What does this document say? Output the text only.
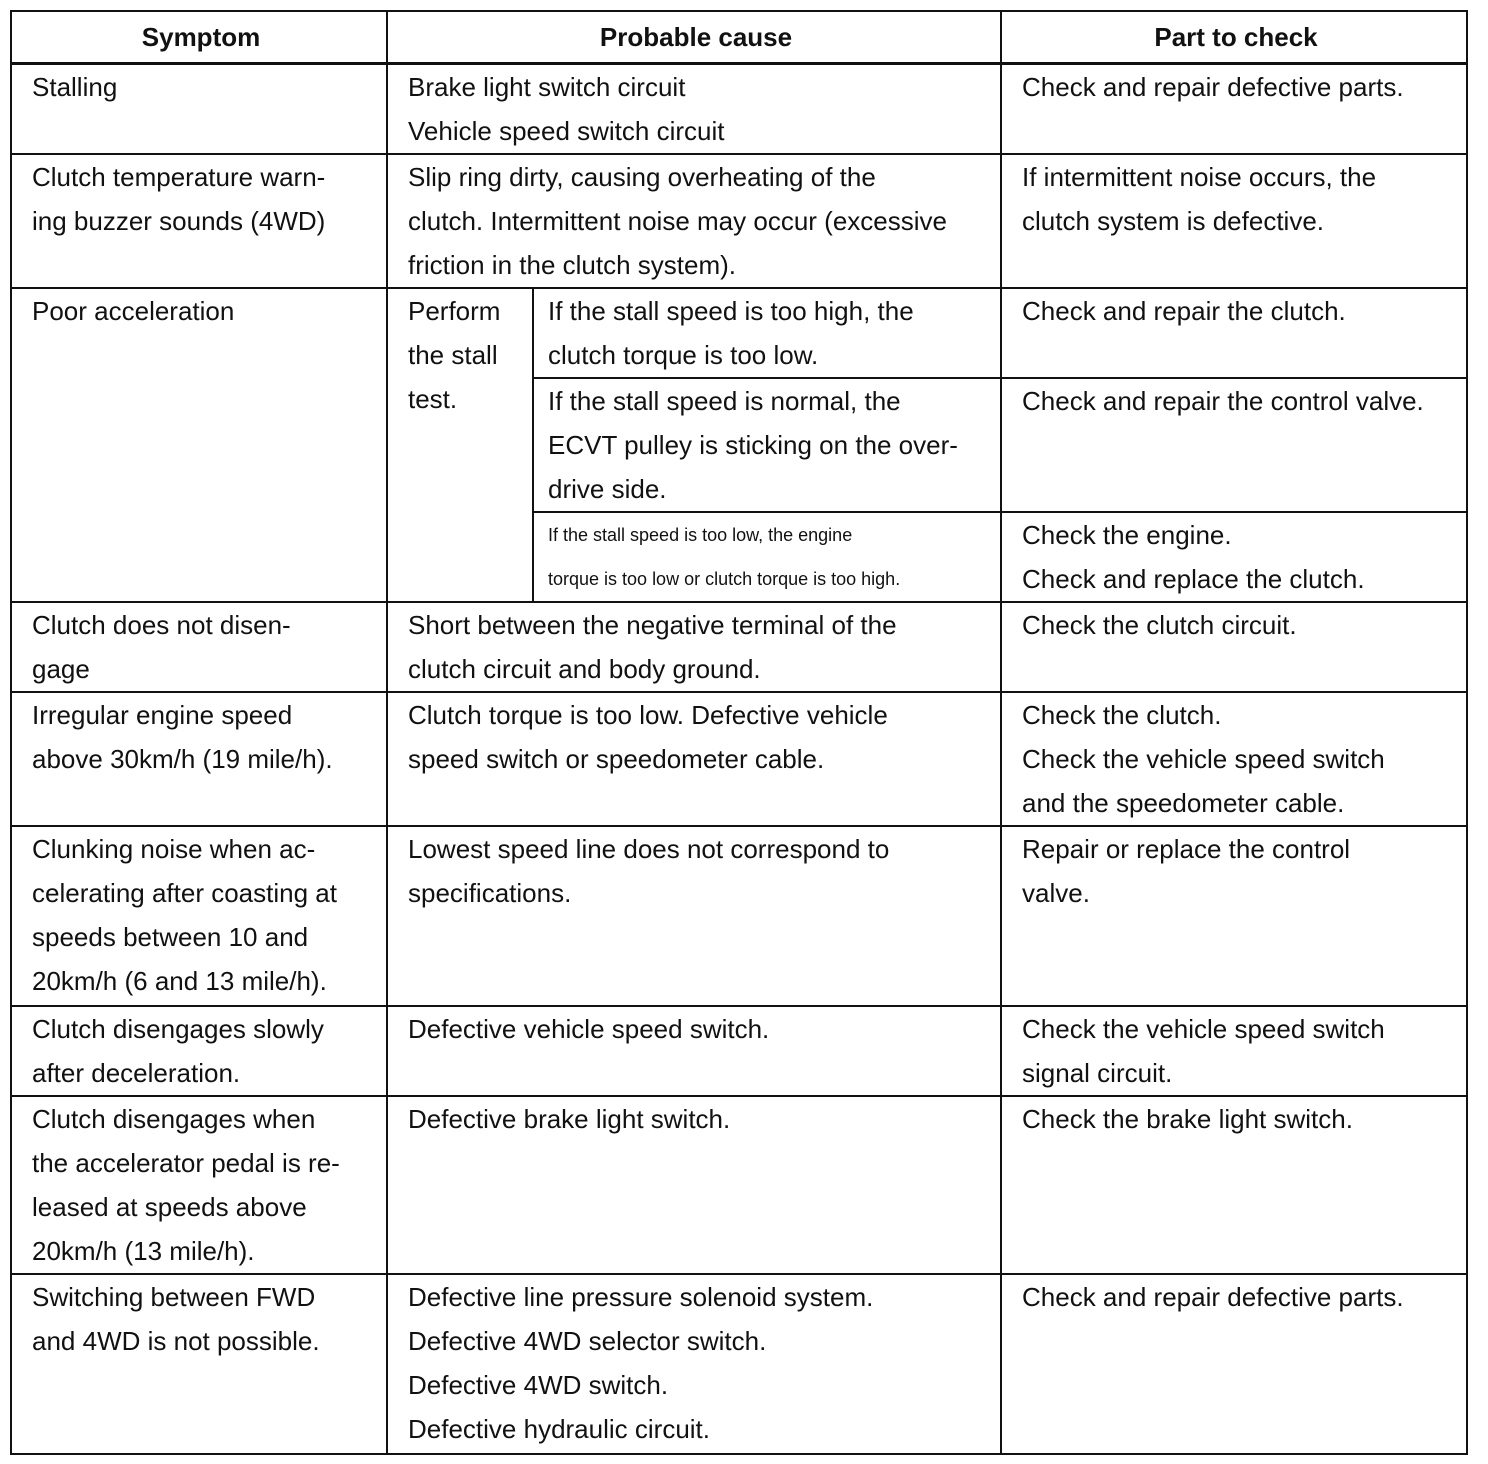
Symptom	Probable cause		Part to check

Stalling	Brake light switch circuit
Vehicle speed switch circuit		Check and repair defective parts.

Clutch temperature warn-
ing buzzer sounds (4WD)	Slip ring dirty, causing overheating of the
clutch. Intermittent noise may occur (excessive
friction in the clutch system).		If intermittent noise occurs, the
clutch system is defective.

Poor acceleration	Perform
the stall
test.	If the stall speed is too high, the
clutch torque is too low.	Check and repair the clutch.

		If the stall speed is normal, the
ECVT pulley is sticking on the over-
drive side.	Check and repair the control valve.

		If the stall speed is too low, the engine
torque is too low or clutch torque is too high.	Check the engine.
Check and replace the clutch.

Clutch does not disen-
gage	Short between the negative terminal of the
clutch circuit and body ground.		Check the clutch circuit.

Irregular engine speed
above 30km/h (19 mile/h).	Clutch torque is too low. Defective vehicle
speed switch or speedometer cable.		Check the clutch.
Check the vehicle speed switch
and the speedometer cable.

Clunking noise when ac-
celerating after coasting at
speeds between 10 and
20km/h (6 and 13 mile/h).	Lowest speed line does not correspond to
specifications.		Repair or replace the control
valve.

Clutch disengages slowly
after deceleration.	Defective vehicle speed switch.		Check the vehicle speed switch
signal circuit.

Clutch disengages when
the accelerator pedal is re-
leased at speeds above
20km/h (13 mile/h).	Defective brake light switch.		Check the brake light switch.

Switching between FWD
and 4WD is not possible.	Defective line pressure solenoid system.
Defective 4WD selector switch.
Defective 4WD switch.
Defective hydraulic circuit.		Check and repair defective parts.
